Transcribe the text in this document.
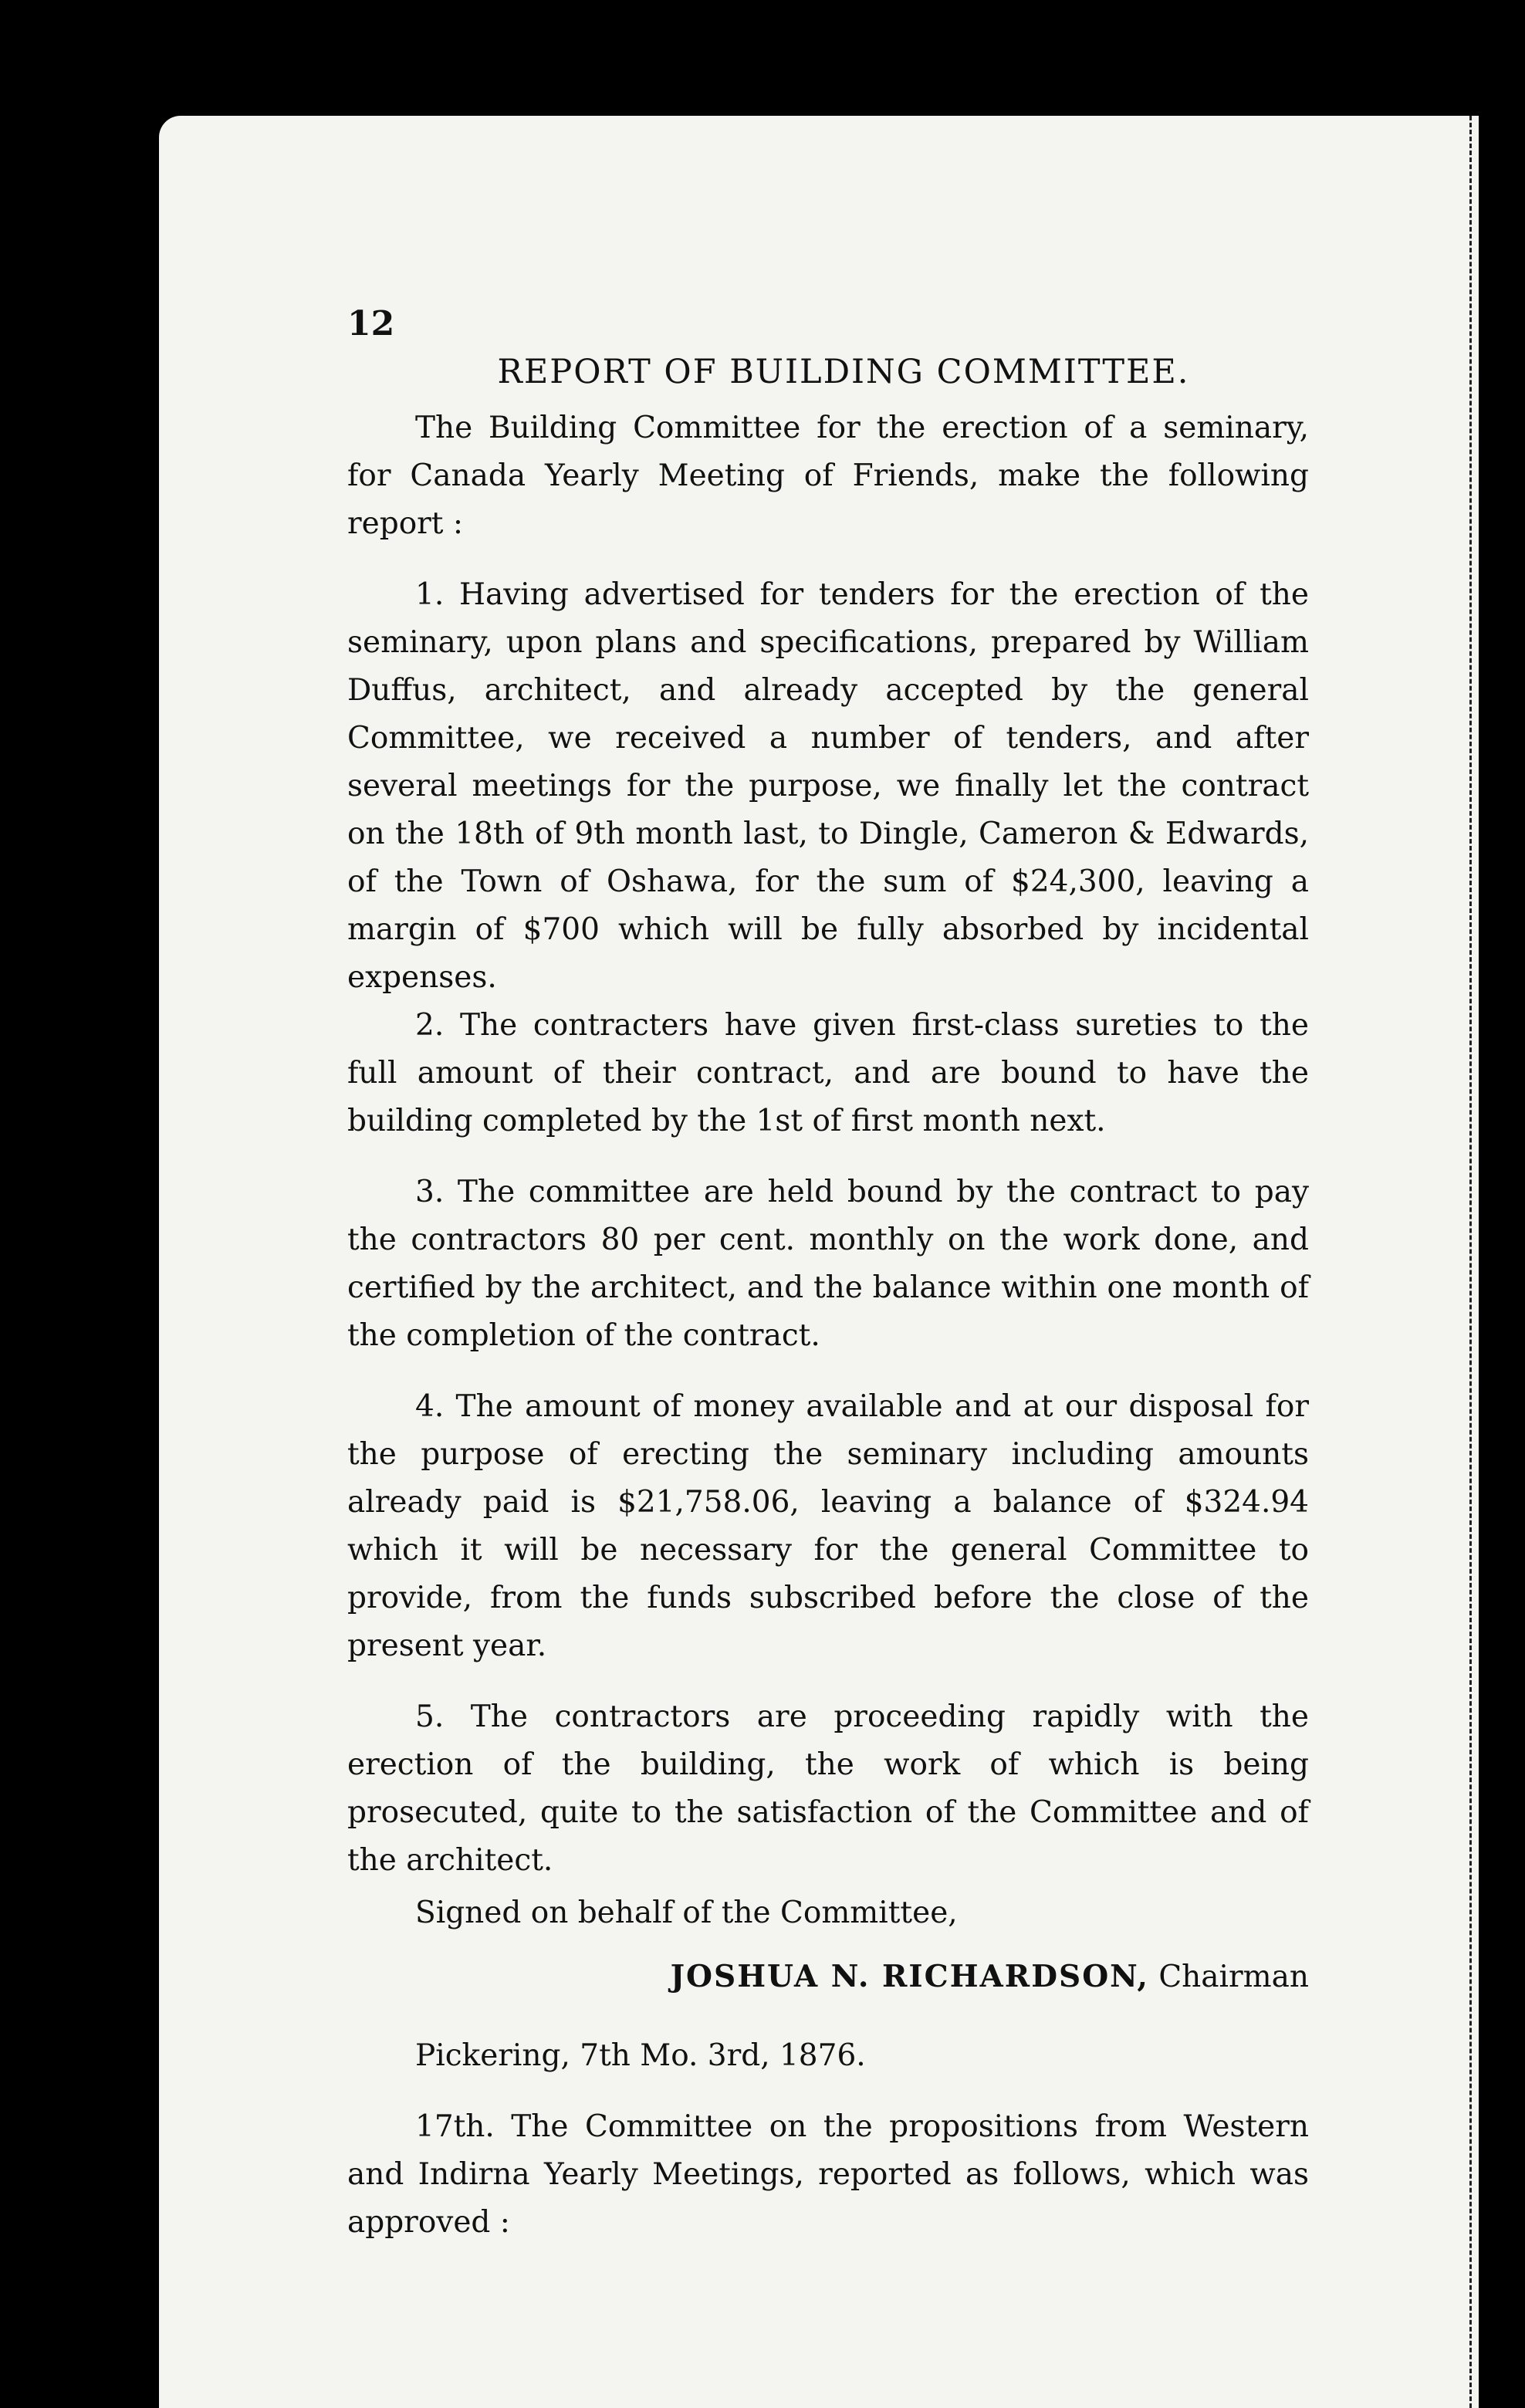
12
REPORT OF BUILDING COMMITTEE.

The Building Committee for the erection of a seminary, for Canada Yearly Meeting of Friends, make the following report :

1. Having advertised for tenders for the erection of the seminary, upon plans and specifications, prepared by William Duffus, architect, and already accepted by the general Committee, we received a number of tenders, and after several meetings for the purpose, we finally let the contract on the 18th of 9th month last, to Dingle, Cameron & Edwards, of the Town of Oshawa, for the sum of $24,300, leaving a margin of $700 which will be fully absorbed by incidental expenses.

2. The contracters have given first-class sureties to the full amount of their contract, and are bound to have the building completed by the 1st of first month next.

3. The committee are held bound by the contract to pay the contractors 80 per cent. monthly on the work done, and certified by the architect, and the balance within one month of the completion of the contract.

4. The amount of money available and at our disposal for the purpose of erecting the seminary including amounts already paid is $21,758.06, leaving a balance of $324.94 which it will be necessary for the general Committee to provide, from the funds subscribed before the close of the present year.

5. The contractors are proceeding rapidly with the erection of the building, the work of which is being prosecuted, quite to the satisfaction of the Committee and of the architect.

Signed on behalf of the Committee,
JOSHUA N. RICHARDSON, Chairman
Pickering, 7th Mo. 3rd, 1876.

17th. The Committee on the propositions from Western and Indirna Yearly Meetings, reported as follows, which was approved :
